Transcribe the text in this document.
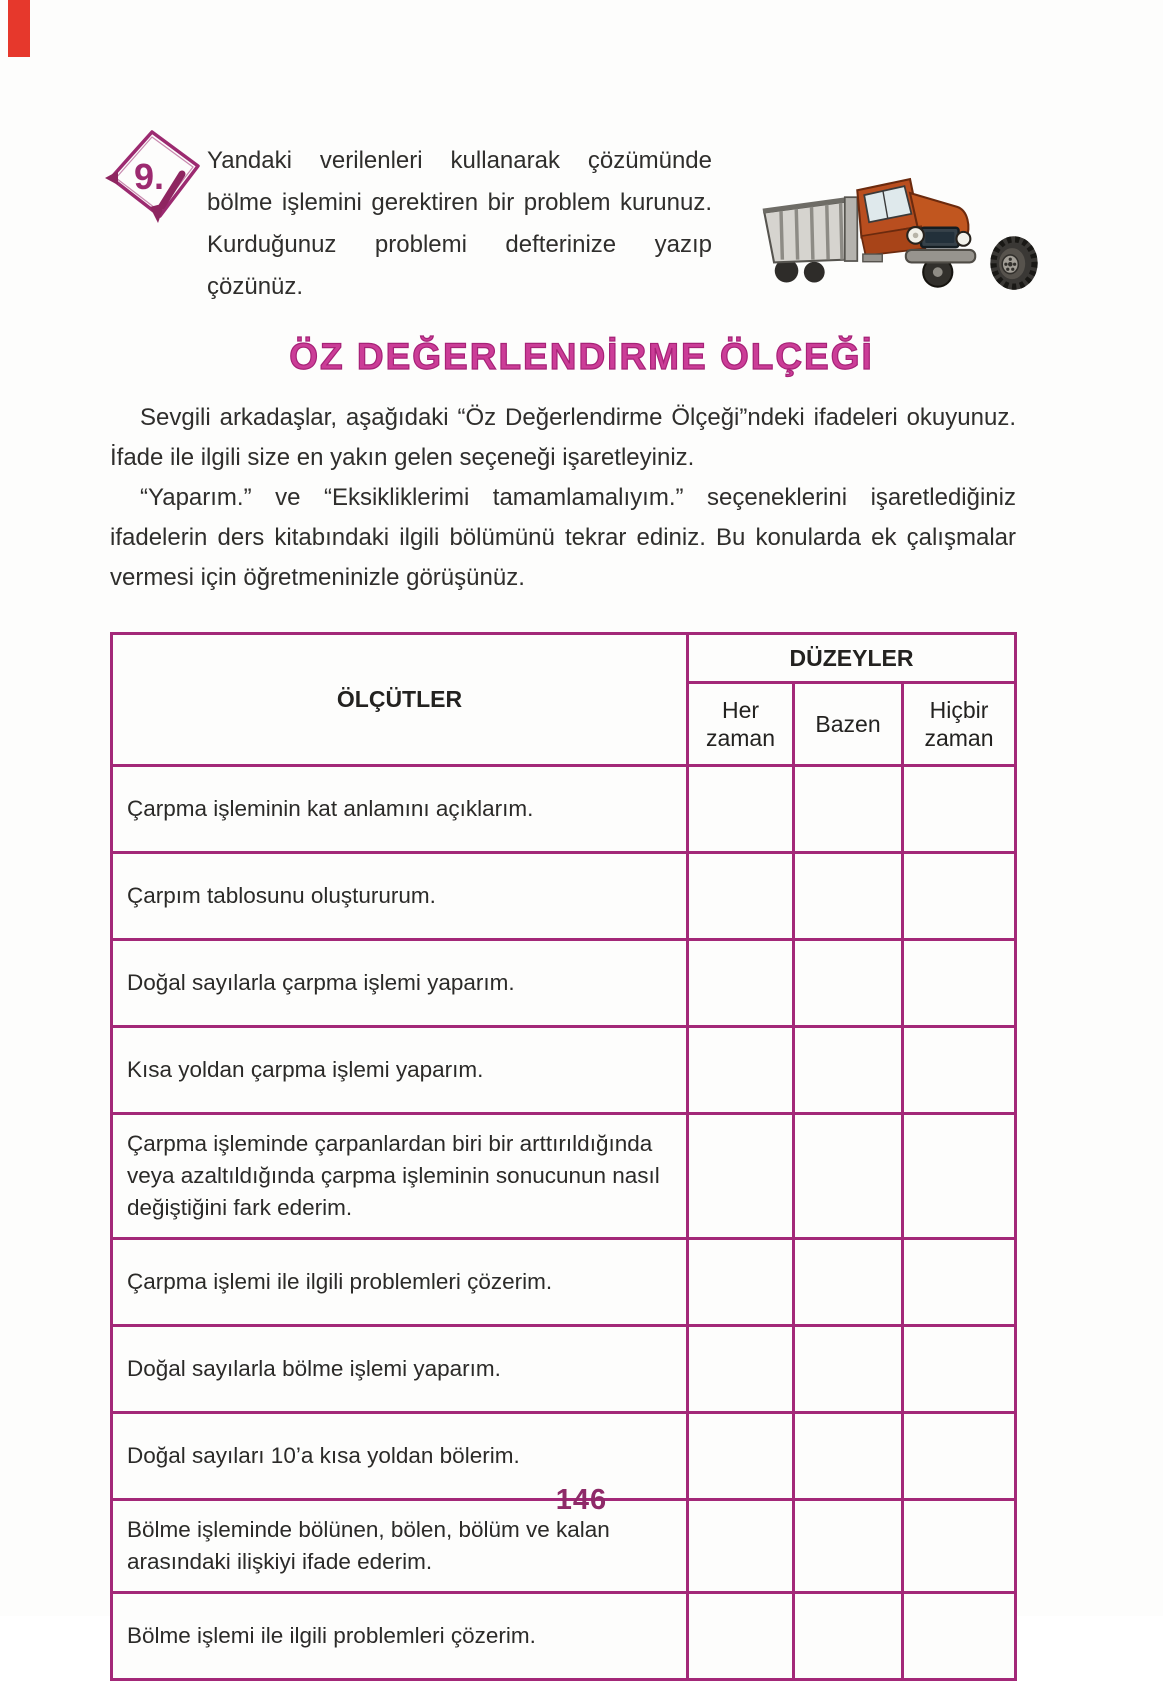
9. Yandaki verilenleri kullanarak çözümünde bölme işlemini gerektiren bir problem kurunuz. Kurduğunuz problemi defterinize yazıp çözünüz.
ÖZ DEĞERLENDİRME ÖLÇEĞİ

Sevgili arkadaşlar, aşağıdaki “Öz Değerlendirme Ölçeği”ndeki ifadeleri okuyunuz. İfade ile ilgili size en yakın gelen seçeneği işaretleyiniz.

“Yaparım.” ve “Eksikliklerimi tamamlamalıyım.” seçeneklerini işaretlediğiniz ifadelerin ders kitabındaki ilgili bölümünü tekrar ediniz. Bu konularda ek çalışmalar vermesi için öğretmeninizle görüşünüz.

ÖLÇÜTLER	DÜZEYLER		
	Her zaman	Bazen	Hiçbir zaman
Çarpma işleminin kat anlamını açıklarım.			
Çarpım tablosunu oluştururum.			
Doğal sayılarla çarpma işlemi yaparım.			
Kısa yoldan çarpma işlemi yaparım.			
Çarpma işleminde çarpanlardan biri bir arttırıldığında veya azaltıldığında çarpma işleminin sonucunun nasıl değiştiğini fark ederim.			
Çarpma işlemi ile ilgili problemleri çözerim.			
Doğal sayılarla bölme işlemi yaparım.			
Doğal sayıları 10’a kısa yoldan bölerim.			
Bölme işleminde bölünen, bölen, bölüm ve kalan arasındaki ilişkiyi ifade ederim.			
Bölme işlemi ile ilgili problemleri çözerim.			
146
